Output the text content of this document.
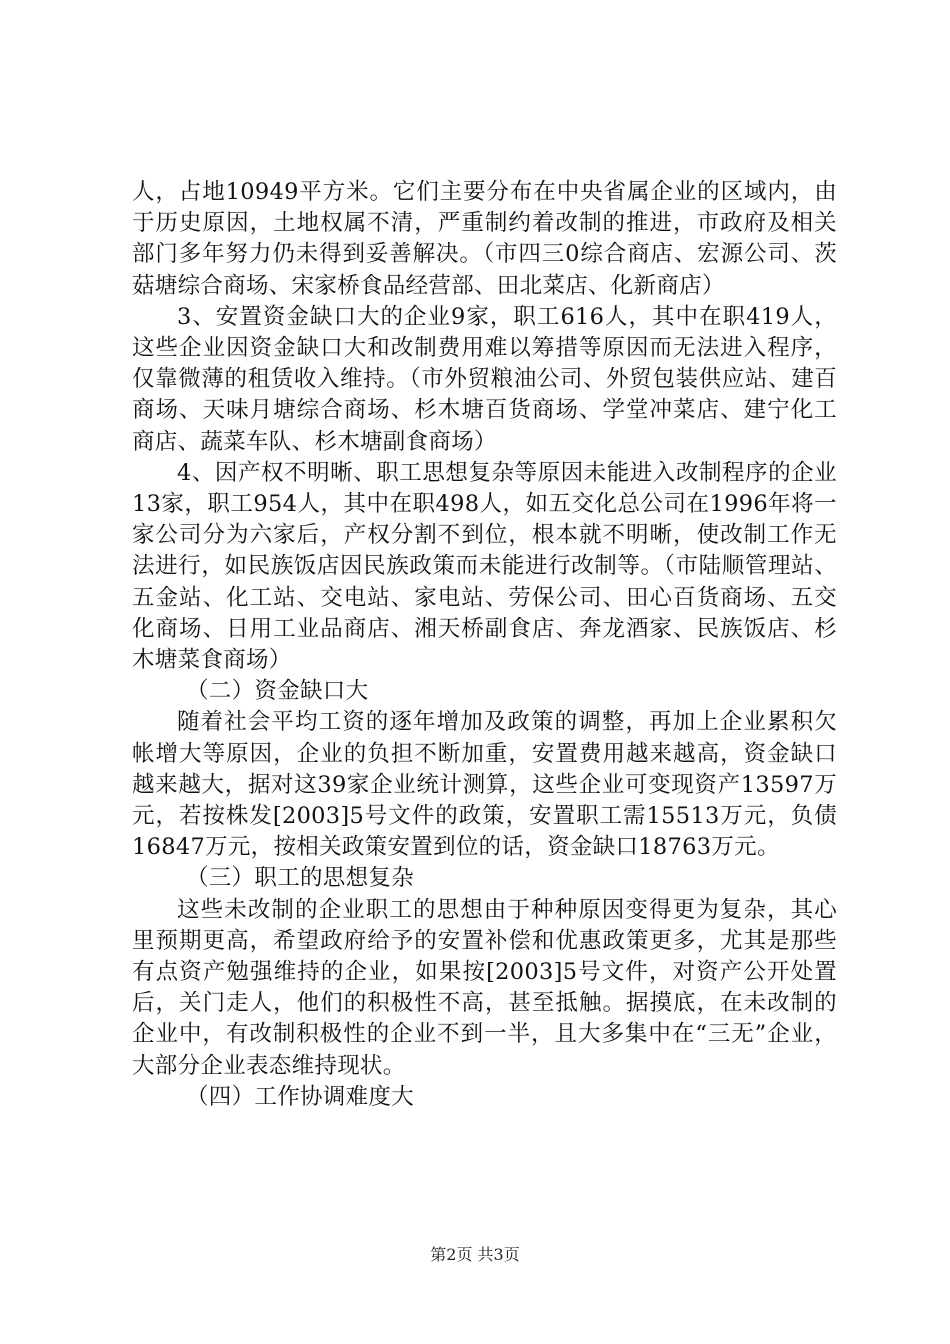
人，占地10949平方米。它们主要分布在中央省属企业的区域内，由于历史原因，土地权属不清，严重制约着改制的推进，市政府及相关部门多年努力仍未得到妥善解决。（市四三0综合商店、宏源公司、茨菇塘综合商场、宋家桥食品经营部、田北菜店、化新商店）

3、安置资金缺口大的企业9家，职工616人，其中在职419人，这些企业因资金缺口大和改制费用难以筹措等原因而无法进入程序，仅靠微薄的租赁收入维持。（市外贸粮油公司、外贸包装供应站、建百商场、天味月塘综合商场、杉木塘百货商场、学堂冲菜店、建宁化工商店、蔬菜车队、杉木塘副食商场）

4、因产权不明晰、职工思想复杂等原因未能进入改制程序的企业13家，职工954人，其中在职498人，如五交化总公司在1996年将一家公司分为六家后，产权分割不到位，根本就不明晰，使改制工作无法进行，如民族饭店因民族政策而未能进行改制等。（市陆顺管理站、五金站、化工站、交电站、家电站、劳保公司、田心百货商场、五交化商场、日用工业品商店、湘天桥副食店、奔龙酒家、民族饭店、杉木塘菜食商场）

（二）资金缺口大

随着社会平均工资的逐年增加及政策的调整，再加上企业累积欠帐增大等原因，企业的负担不断加重，安置费用越来越高，资金缺口越来越大，据对这39家企业统计测算，这些企业可变现资产13597万元，若按株发[2003]5号文件的政策，安置职工需15513万元，负债16847万元，按相关政策安置到位的话，资金缺口18763万元。

（三）职工的思想复杂

这些未改制的企业职工的思想由于种种原因变得更为复杂，其心里预期更高，希望政府给予的安置补偿和优惠政策更多，尤其是那些有点资产勉强维持的企业，如果按[2003]5号文件，对资产公开处置后，关门走人，他们的积极性不高，甚至抵触。据摸底，在未改制的企业中，有改制积极性的企业不到一半，且大多集中在“三无”企业，大部分企业表态维持现状。

（四）工作协调难度大

第2页 共3页
